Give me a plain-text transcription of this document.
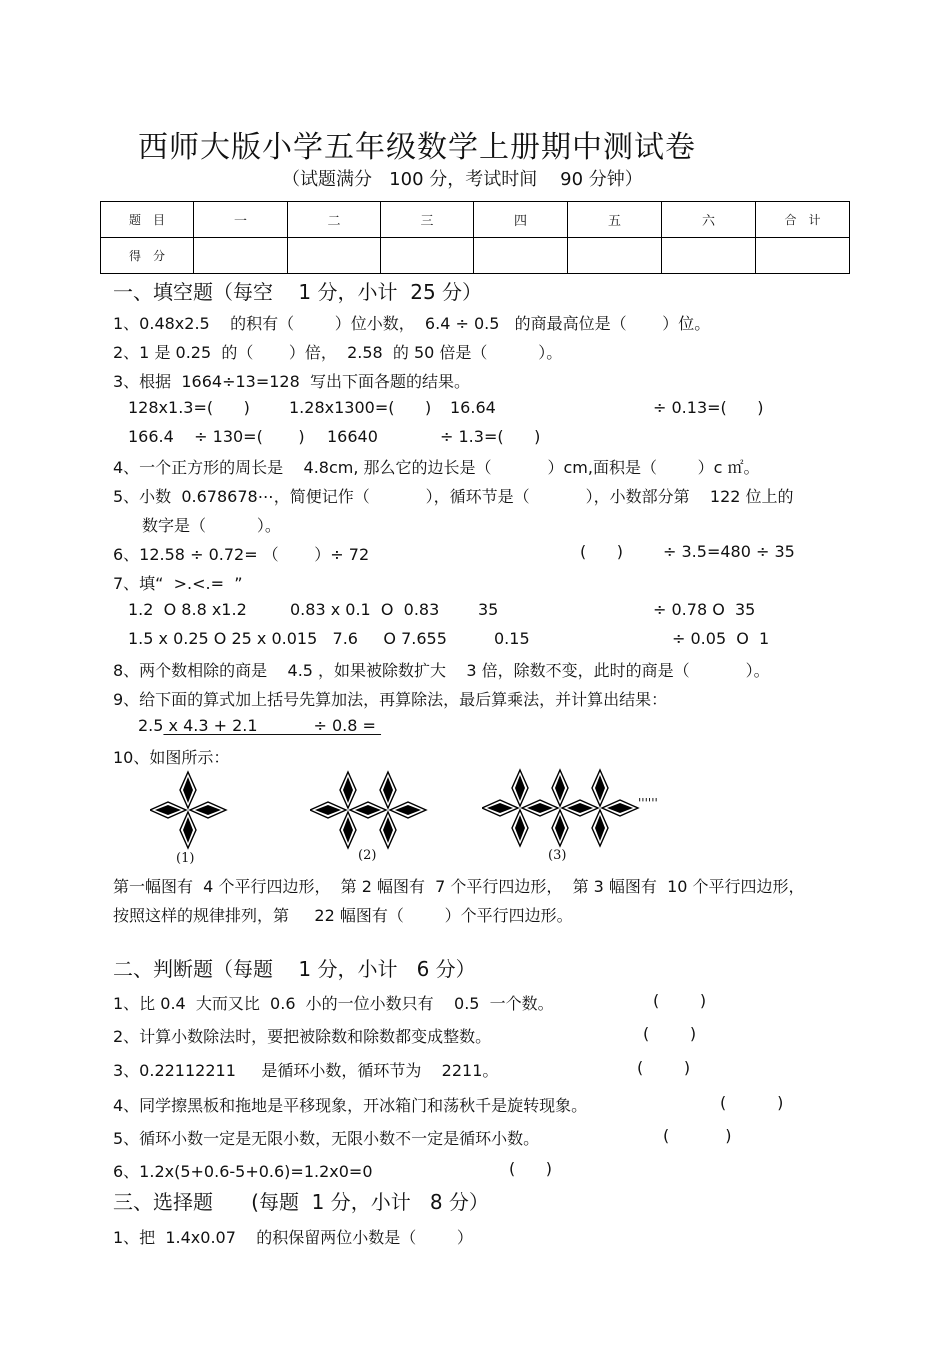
西师大版小学五年级数学上册期中测试卷
（试题满分   100 分，考试时间    90 分钟）
题　目	一	二	三	四	五	六	合　计
得　分							
一、填空题（每空    1 分，小计  25 分）
1、0.48x2.5    的积有（        ）位小数，  6.4 ÷ 0.5   的商最高位是（       ）位。
2、1 是 0.25  的（       ）倍，  2.58  的 50 倍是（          ）。
3、根据  1664÷13=128  写出下面各题的结果。
128x1.3=(      ) 1.28x1300=(      ) 16.64	÷ 0.13=(      )
166.4    ÷ 130=(       ) 16640	÷ 1.3=(      )
4、一个正方形的周长是    4.8cm, 那么它的边长是（           ）cm,面积是（        ）c ㎡。
5、小数  0.678678⋯，简便记作（           ），循环节是（           ），小数部分第    122 位上的
数字是（          ）。
6、12.58 ÷ 0.72= （       ）÷ 72	(      )	÷ 3.5=480 ÷ 35
7、填“  >.<.=  ”
1.2  O 8.8 x1.2	0.83 x 0.1  O  0.83 35	÷ 0.78 O  35
1.5 x 0.25 O 25 x 0.015   7.6     O 7.655	0.15	÷ 0.05  O  1
8、两个数相除的商是    4.5 ，如果被除数扩大    3 倍，除数不变，此时的商是（           ）。
9、给下面的算式加上括号先算加法，再算除法，最后算乘法，并计算出结果：
2.5 x 4.3 + 2.1           ÷ 0.8 =
10、如图所示：
(1)	(2)
''''''
(3)
第一幅图有  4 个平行四边形，  第 2 幅图有  7 个平行四边形，  第 3 幅图有  10 个平行四边形，
按照这样的规律排列，第     22 幅图有（        ）个平行四边形。
二、判断题（每题    1 分，小计   6 分）
1、比 0.4  大而又比  0.6  小的一位小数只有    0.5  一个数。	(        )
2、计算小数除法时，要把被除数和除数都变成整数。	(        )
3、0.22112211     是循环小数，循环节为    2211。	(        )
4、同学擦黑板和拖地是平移现象，开冰箱门和荡秋千是旋转现象。	(          )
5、循环小数一定是无限小数，无限小数不一定是循环小数。	(           )
6、1.2x(5+0.6-5+0.6)=1.2x0=0	(      )
三、选择题      (每题  1 分，小计   8 分）
1、把  1.4x0.07    的积保留两位小数是（        ）
